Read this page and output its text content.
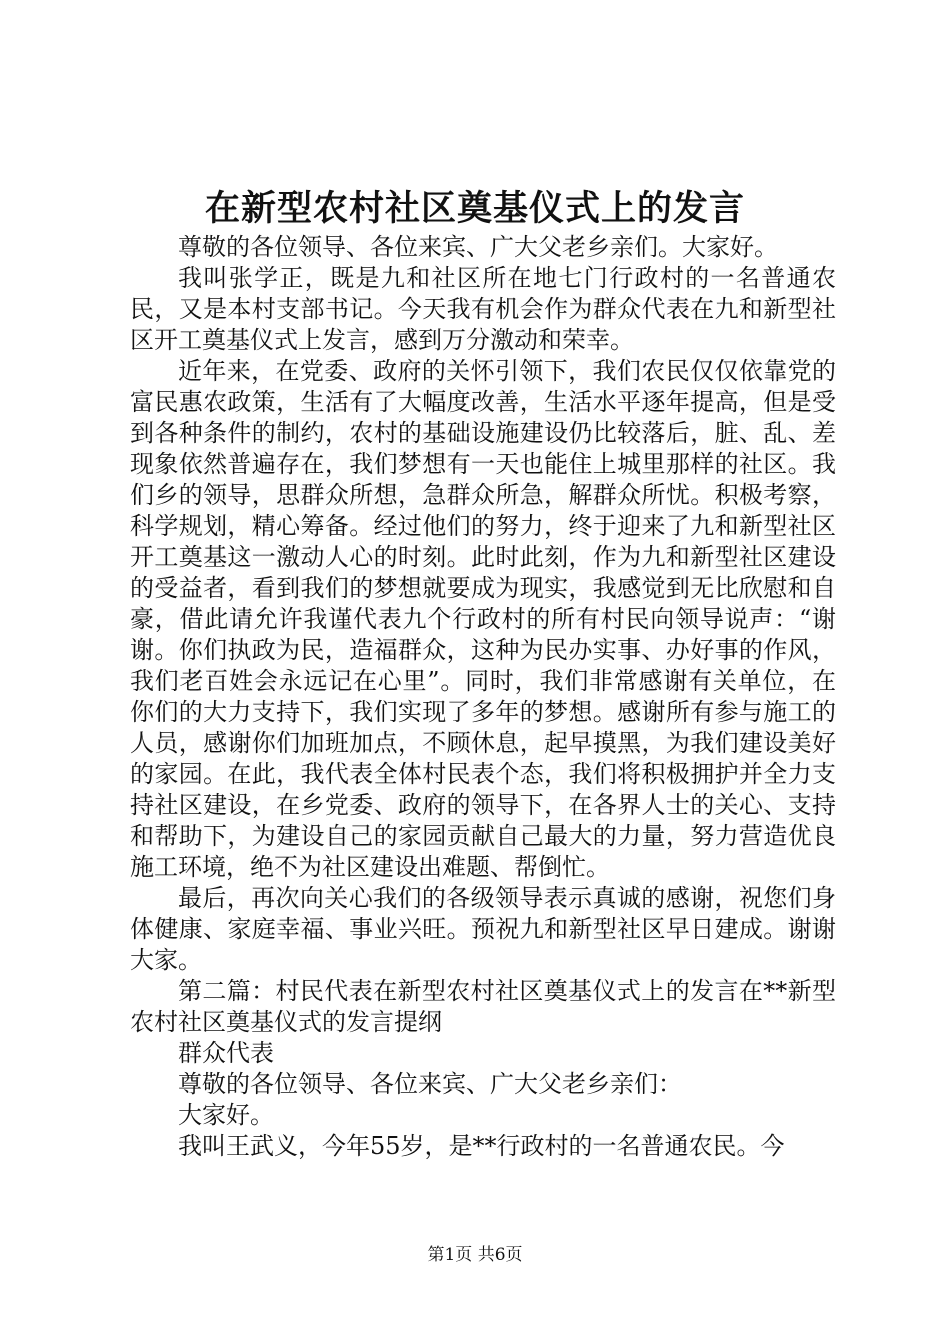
在新型农村社区奠基仪式上的发言

尊敬的各位领导、各位来宾、广大父老乡亲们。大家好。

我叫张学正，既是九和社区所在地七门行政村的一名普通农民，又是本村支部书记。今天我有机会作为群众代表在九和新型社区开工奠基仪式上发言，感到万分激动和荣幸。

近年来，在党委、政府的关怀引领下，我们农民仅仅依靠党的富民惠农政策，生活有了大幅度改善，生活水平逐年提高，但是受到各种条件的制约，农村的基础设施建设仍比较落后，脏、乱、差现象依然普遍存在，我们梦想有一天也能住上城里那样的社区。我们乡的领导，思群众所想，急群众所急，解群众所忧。积极考察，科学规划，精心筹备。经过他们的努力，终于迎来了九和新型社区开工奠基这一激动人心的时刻。此时此刻，作为九和新型社区建设的受益者，看到我们的梦想就要成为现实，我感觉到无比欣慰和自豪，借此请允许我谨代表九个行政村的所有村民向领导说声：“谢谢。你们执政为民，造福群众，这种为民办实事、办好事的作风，我们老百姓会永远记在心里”。同时，我们非常感谢有关单位，在你们的大力支持下，我们实现了多年的梦想。感谢所有参与施工的人员，感谢你们加班加点，不顾休息，起早摸黑，为我们建设美好的家园。在此，我代表全体村民表个态，我们将积极拥护并全力支持社区建设，在乡党委、政府的领导下，在各界人士的关心、支持和帮助下，为建设自己的家园贡献自己最大的力量，努力营造优良施工环境，绝不为社区建设出难题、帮倒忙。

最后，再次向关心我们的各级领导表示真诚的感谢，祝您们身体健康、家庭幸福、事业兴旺。预祝九和新型社区早日建成。谢谢大家。

第二篇：村民代表在新型农村社区奠基仪式上的发言在**新型农村社区奠基仪式的发言提纲

群众代表

尊敬的各位领导、各位来宾、广大父老乡亲们：

大家好。

我叫王武义，今年55岁，是**行政村的一名普通农民。今

第1页 共6页
